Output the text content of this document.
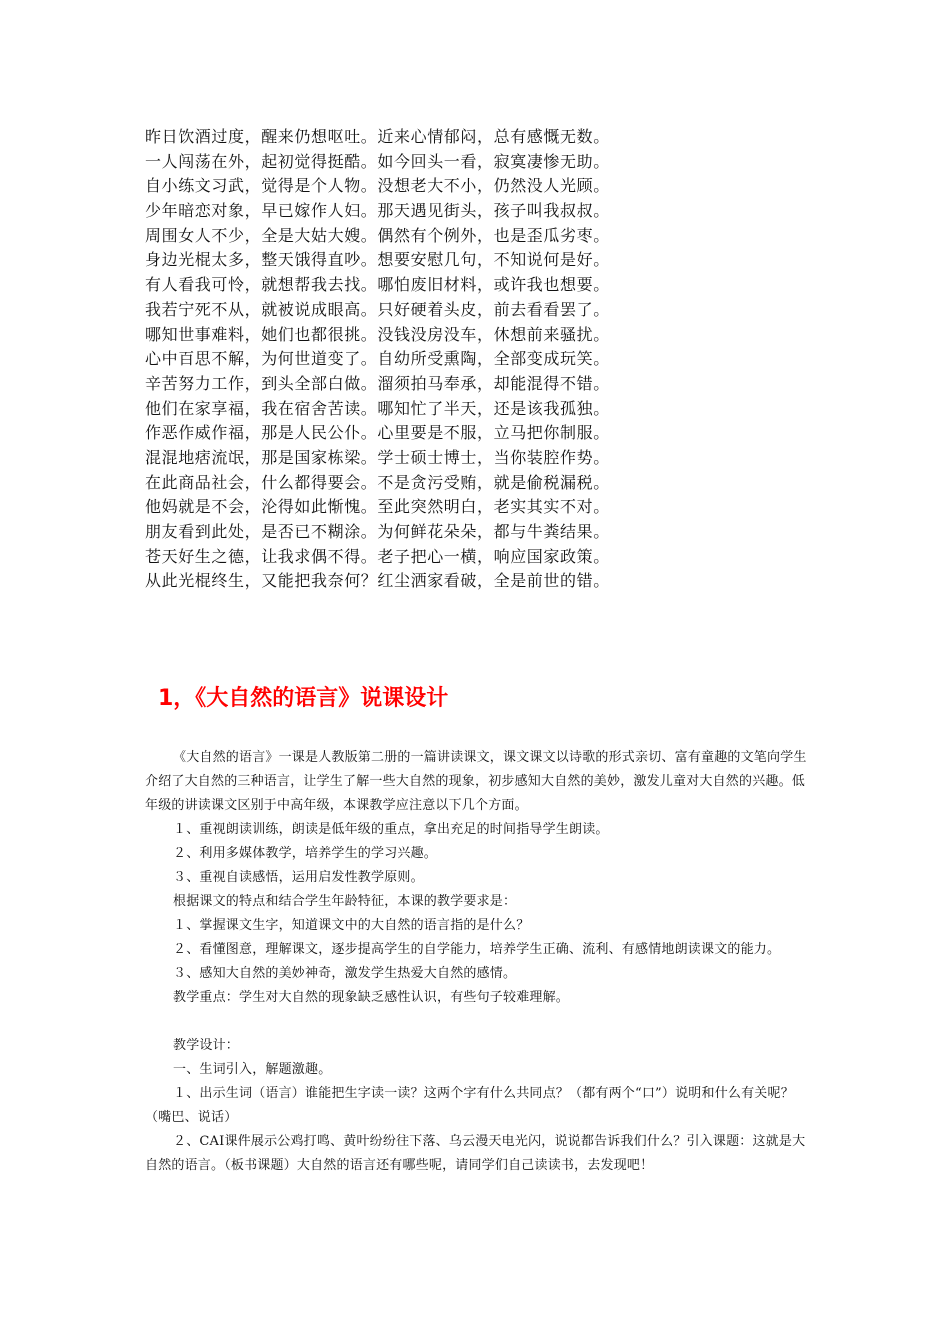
昨日饮酒过度，醒来仍想呕吐。近来心情郁闷，总有感慨无数。
一人闯荡在外，起初觉得挺酷。如今回头一看，寂寞凄惨无助。
自小练文习武，觉得是个人物。没想老大不小，仍然没人光顾。
少年暗恋对象，早已嫁作人妇。那天遇见街头，孩子叫我叔叔。
周围女人不少，全是大姑大嫂。偶然有个例外，也是歪瓜劣枣。
身边光棍太多，整天饿得直吵。想要安慰几句，不知说何是好。
有人看我可怜，就想帮我去找。哪怕废旧材料，或许我也想要。
我若宁死不从，就被说成眼高。只好硬着头皮，前去看看罢了。
哪知世事难料，她们也都很挑。没钱没房没车，休想前来骚扰。
心中百思不解，为何世道变了。自幼所受熏陶，全部变成玩笑。
辛苦努力工作，到头全部白做。溜须拍马奉承，却能混得不错。
他们在家享福，我在宿舍苦读。哪知忙了半天，还是该我孤独。
作恶作威作福，那是人民公仆。心里要是不服，立马把你制服。
混混地痞流氓，那是国家栋梁。学士硕士博士，当你装腔作势。
在此商品社会，什么都得要会。不是贪污受贿，就是偷税漏税。
他妈就是不会，沦得如此惭愧。至此突然明白，老实其实不对。
朋友看到此处，是否已不糊涂。为何鲜花朵朵，都与牛粪结果。
苍天好生之德，让我求偶不得。老子把心一横，响应国家政策。
从此光棍终生，又能把我奈何？红尘洒家看破，全是前世的错。
1，《大自然的语言》说课设计

《大自然的语言》一课是人教版第二册的一篇讲读课文，课文课文以诗歌的形式亲切、富有童趣的文笔向学生介绍了大自然的三种语言，让学生了解一些大自然的现象，初步感知大自然的美妙，激发儿童对大自然的兴趣。低年级的讲读课文区别于中高年级，本课教学应注意以下几个方面。

１、重视朗读训练，朗读是低年级的重点，拿出充足的时间指导学生朗读。

２、利用多媒体教学，培养学生的学习兴趣。

３、重视自读感悟，运用启发性教学原则。

根据课文的特点和结合学生年龄特征，本课的教学要求是：

１、掌握课文生字，知道课文中的大自然的语言指的是什么？

２、看懂图意，理解课文，逐步提高学生的自学能力，培养学生正确、流利、有感情地朗读课文的能力。

３、感知大自然的美妙神奇，激发学生热爱大自然的感情。

教学重点：学生对大自然的现象缺乏感性认识，有些句子较难理解。

教学设计：

一、生词引入，解题激趣。

１、出示生词（语言）谁能把生字读一读？这两个字有什么共同点？（都有两个“口”）说明和什么有关呢？（嘴巴、说话）

２、CAI课件展示公鸡打鸣、黄叶纷纷往下落、乌云漫天电光闪，说说都告诉我们什么？引入课题：这就是大自然的语言。（板书课题）大自然的语言还有哪些呢，请同学们自己读读书，去发现吧！
